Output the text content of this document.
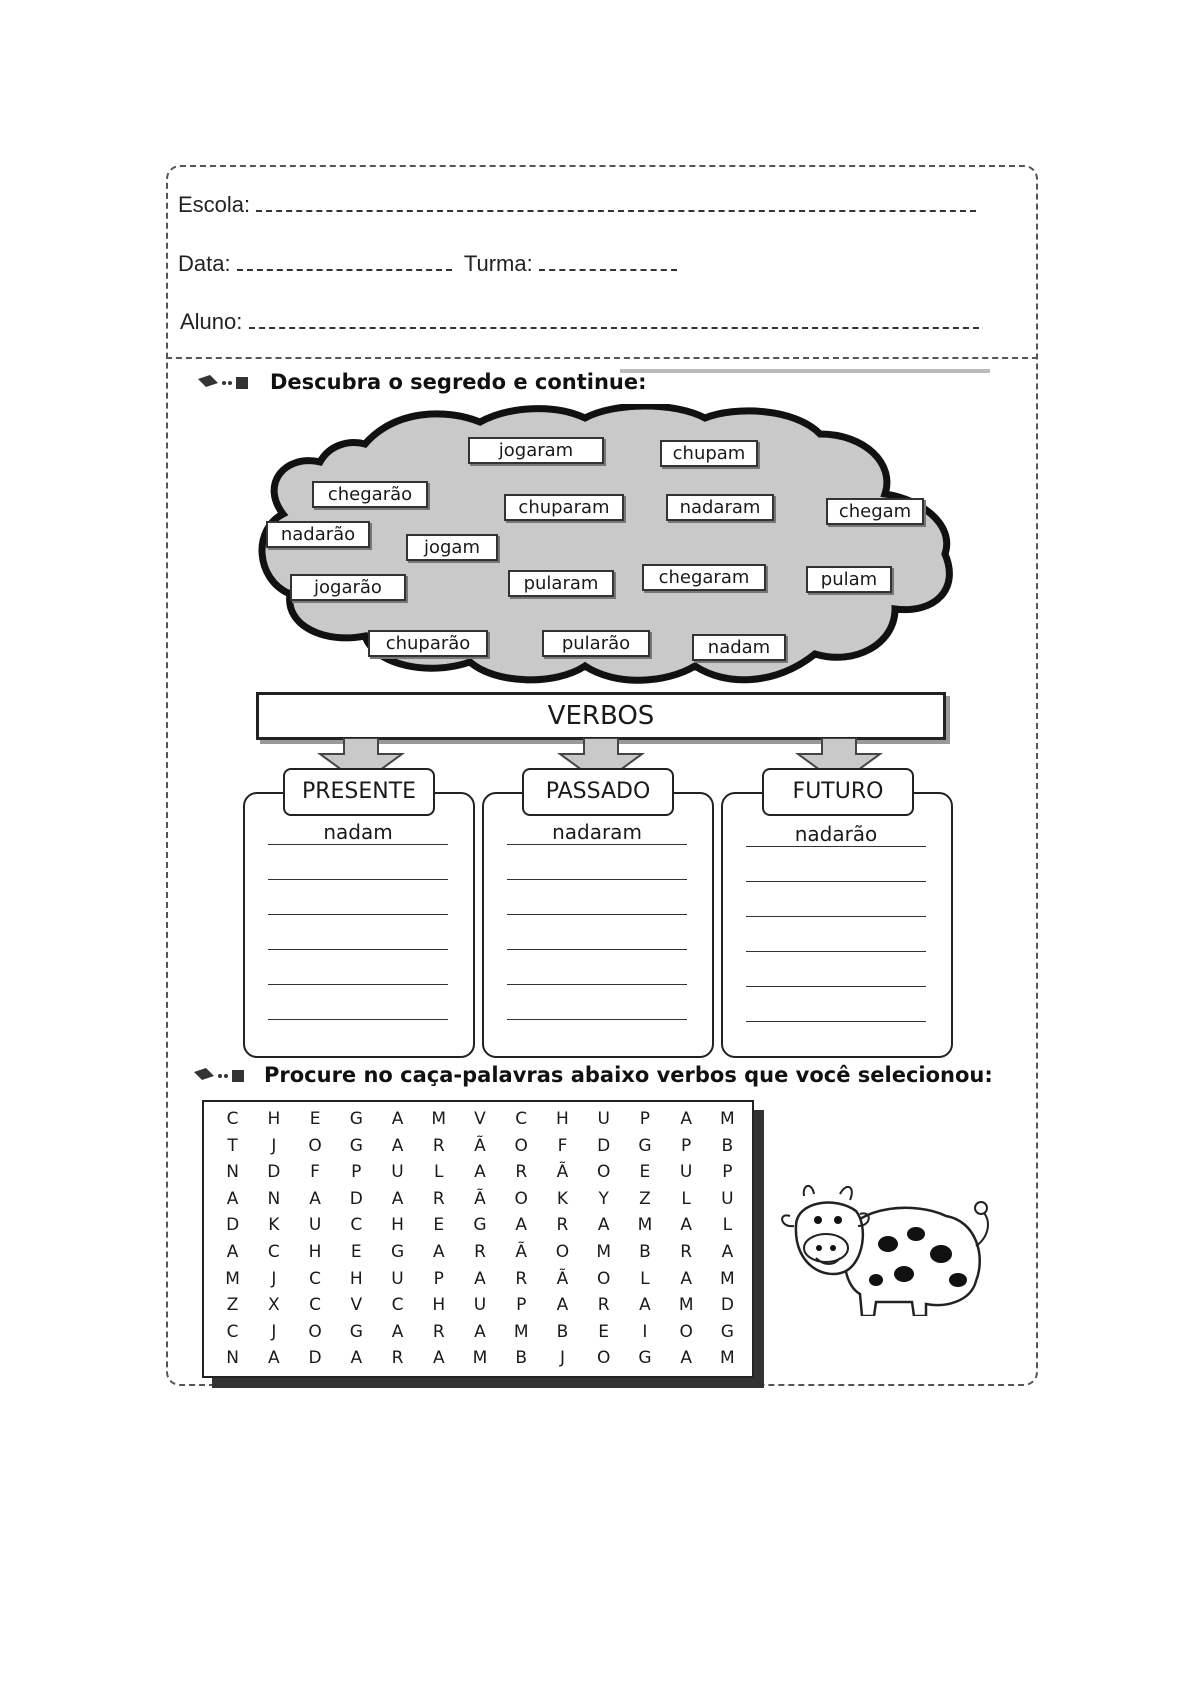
Escola:
Data:	Turma:
Aluno:
Descubra o segredo e continue:
jogaram	chupam
chegarão
chuparam	nadaram	chegam
nadarão
jogam
jogarão	pularam	chegaram	pulam
chuparão	pularão	nadam
VERBOS
PRESENTE	PASSADO	FUTURO
nadam	nadaram	nadarão
Procure no caça-palavras abaixo verbos que você selecionou:
C	H	E	G	A	M	V	C	H	U	P	A	M
T	J	O	G	A	R	Ã	O	F	D	G	P	B
N	D	F	P	U	L	A	R	Ã	O	E	U	P
A	N	A	D	A	R	Ã	O	K	Y	Z	L	U
D	K	U	C	H	E	G	A	R	A	M	A	L
A	C	H	E	G	A	R	Ã	O	M	B	R	A
M	J	C	H	U	P	A	R	Ã	O	L	A	M
Z	X	C	V	C	H	U	P	A	R	A	M	D
C	J	O	G	A	R	A	M	B	E	I	O	G
N	A	D	A	R	A	M	B	J	O	G	A	M
